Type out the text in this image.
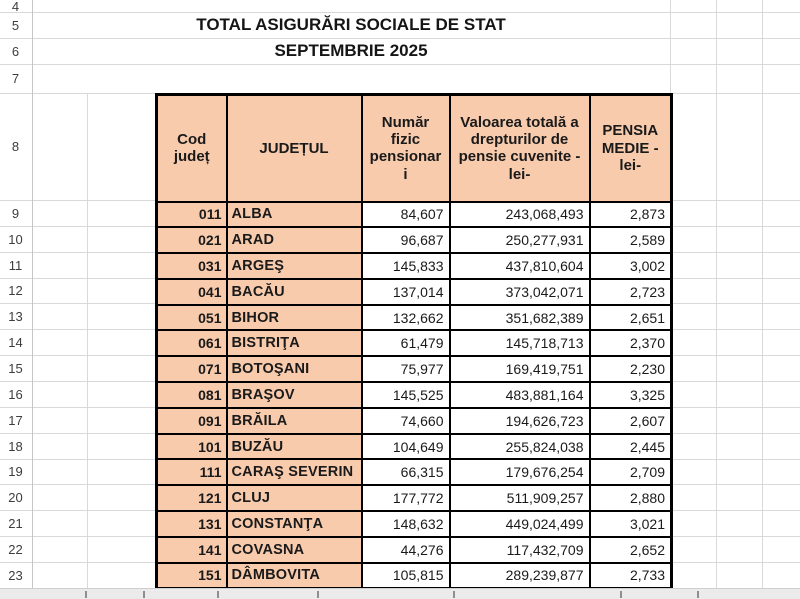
4
5
6
7
8
9
10
11
12
13
14
15
16
17
18
19
20
21
22
23
TOTAL ASIGURĂRI SOCIALE DE STAT
SEPTEMBRIE 2025
Cod județ	JUDEȚUL	Număr fizic pensionari	Valoarea totală a drepturilor de pensie cuvenite -lei-	PENSIA MEDIE -lei-
011	ALBA	84,607	243,068,493	2,873
021	ARAD	96,687	250,277,931	2,589
031	ARGEŞ	145,833	437,810,604	3,002
041	BACĂU	137,014	373,042,071	2,723
051	BIHOR	132,662	351,682,389	2,651
061	BISTRIŢA	61,479	145,718,713	2,370
071	BOTOŞANI	75,977	169,419,751	2,230
081	BRAŞOV	145,525	483,881,164	3,325
091	BRĂILA	74,660	194,626,723	2,607
101	BUZĂU	104,649	255,824,038	2,445
111	CARAŞ SEVERIN	66,315	179,676,254	2,709
121	CLUJ	177,772	511,909,257	2,880
131	CONSTANŢA	148,632	449,024,499	3,021
141	COVASNA	44,276	117,432,709	2,652
151	DÂMBOVITA	105,815	289,239,877	2,733
